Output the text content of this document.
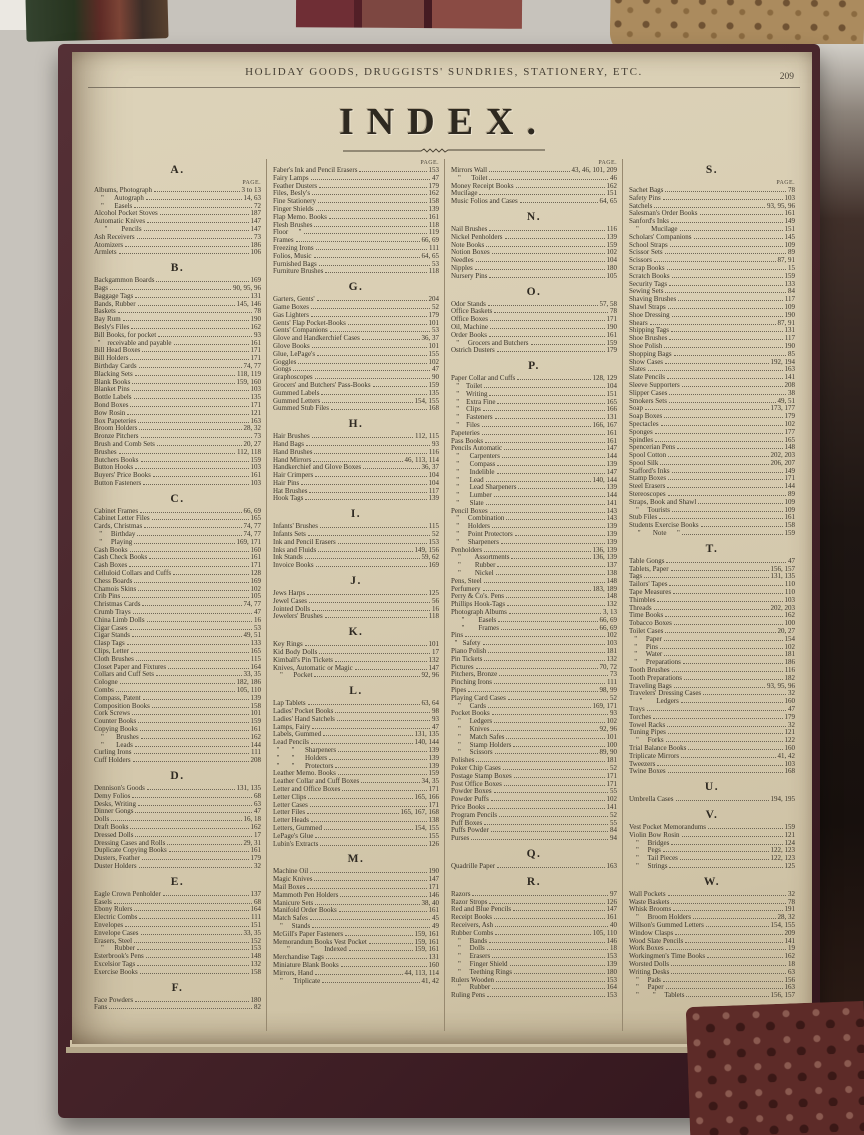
HOLIDAY GOODS, DRUGGISTS' SUNDRIES, STATIONERY, ETC.	209
INDEX.
A.
PAGE.
Albums, Photograph	3 to 13
"      Autograph	14, 63
"      Easels	72
Alcohol Pocket Stoves	187
Automatic Knives	147
"        Pencils	147
Ash Receivers	73
Atomizers	186
Armlets	106
B.
Backgammon Boards	169
Bags	90, 95, 96
Baggage Tags	131
Bands, Rubber	145, 146
Baskets	78
Bay Rum	190
Besly's Files	162
Bill Books, for pocket	93
"    receivable and payable	161
Bill Head Boxes	171
Bill Holders	171
Birthday Cards	74, 77
Blacking Sets	118, 119
Blank Books	159, 160
Blanket Pins	103
Bottle Labels	135
Bond Boxes	171
Bow Rosin	121
Box Papeteries	163
Broom Holders	28, 32
Bronze Pitchers	73
Brush and Comb Sets	20, 27
Brushes	112, 118
Butchers Books	159
Button Hooks	103
Buyers' Price Books	161
Button Fasteners	103
C.
Cabinet Frames	66, 69
Cabinet Letter Files	165
Cards, Christmas	74, 77
"     Birthday	74, 77
"     Playing	169, 171
Cash Books	160
Cash Check Books	161
Cash Boxes	171
Celluloid Collars and Cuffs	128
Chess Boards	169
Chamois Skins	102
Crib Pins	105
Christmas Cards	74, 77
Crumb Trays	47
China Limb Dolls	16
Cigar Cases	53
Cigar Stands	49, 51
Clasp Tags	133
Clips, Letter	165
Cloth Brushes	115
Closet Paper and Fixtures	164
Collars and Cuff Sets	33, 35
Cologne	182, 186
Combs	105, 110
Compass, Patent	139
Composition Books	158
Cork Screws	101
Counter Books	159
Copying Books	161
"       Brushes	162
"       Leads	144
Curling Irons	111
Cuff Holders	208
D.
Dennison's Goods	131, 135
Demy Folios	68
Desks, Writing	63
Dinner Gongs	47
Dolls	16, 18
Draft Books	162
Dressed Dolls	17
Dressing Cases and Rolls	29, 31
Duplicate Copying Books	161
Dusters, Feather	179
Duster Holders	32
E.
Eagle Crown Penholder	137
Easels	68
Ebony Rulers	164
Electric Combs	111
Envelopes	151
Envelope Cases	33, 35
Erasers, Steel	152
"      Rubber	153
Esterbrook's Pens	148
Excelsior Tags	132
Exercise Books	158
F.
Face Powders	180
Fans	82
PAGE.
Faber's Ink and Pencil Erasers	153
Fairy Lamps	47
Feather Dusters	179
Files, Besly's	162
Fine Stationery	158
Finger Shields	139
Flap Memo. Books	161
Flesh Brushes	118
Floor      "	119
Frames	66, 69
Freezing Irons	111
Folios, Music	64, 65
Furnished Bags	53
Furniture Brushes	118
G.
Garters, Gents'	204
Game Boxes	52
Gas Lighters	179
Gents' Flap Pocket-Books	101
Gents' Companions	53
Glove and Handkerchief Cases	36, 37
Glove Books	101
Glue, LePage's	155
Goggles	102
Gongs	47
Graphoscopes	90
Grocers' and Butchers' Pass-Books	159
Gummed Labels	135
Gummed Letters	154, 155
Gummed Stub Files	168
H.
Hair Brushes	112, 115
Hand Bags	93
Hand Brushes	116
Hand Mirrors	46, 113, 114
Handkerchief and Glove Boxes	36, 37
Hair Crimpers	104
Hair Pins	104
Hat Brushes	117
Hook Tags	139
I.
Infants' Brushes	115
Infants Sets	52
Ink and Pencil Erasers	153
Inks and Fluids	149, 156
Ink Stands	59, 62
Invoice Books	169
J.
Jews Harps	125
Jewel Cases	56
Jointed Dolls	16
Jewelers' Brushes	118
K.
Key Rings	101
Kid Body Dolls	17
Kimball's Pin Tickets	132
Knives, Automatic or Magic	147
"      Pocket	92, 96
L.
Lap Tablets	63, 64
Ladies' Pocket Books	98
Ladies' Hand Satchels	93
Lamps, Fairy	47
Labels, Gummed	131, 135
Lead Pencils	140, 144
"       "      Sharpeners	139
"       "      Holders	139
"       "      Protectors	139
Leather Memo. Books	159
Leather Collar and Cuff Boxes	34, 35
Letter and Office Boxes	171
Letter Clips	165, 166
Letter Cases	171
Letter Files	165, 167, 168
Letter Heads	138
Letters, Gummed	154, 155
LePage's Glue	155
Lubin's Extracts	126
M.
Machine Oil	190
Magic Knives	147
Mail Boxes	171
Mammoth Pen Holders	146
Manicure Sets	38, 40
Manifold Order Books	161
Match Safes	45
"     Stands	49
McGill's Paper Fasteners	159, 161
Memorandum Books Vest Pocket	159, 161
"            "      Indexed	159, 161
Merchandise Tags	131
Miniature Blank Books	160
Mirrors, Hand	44, 113, 114
"      Triplicate	41, 42
PAGE.
Mirrors Wall	43, 46, 101, 209
"      Toilet	46
Money Receipt Books	162
Mucilage	151
Music Folios and Cases	64, 65
N.
Nail Brushes	116
Nickel Penholders	139
Note Books	159
Notion Boxes	102
Needles	104
Nipples	180
Nursery Pins	105
O.
Odor Stands	57, 58
Office Baskets	78
Office Boxes	171
Oil, Machine	190
Order Books	161
"     Grocers and Butchers	159
Ostrich Dusters	179
P.
Paper Collar and Cuffs	128, 129
"    Toilet	104
"    Writing	151
"    Extra Fine	165
"    Clips	166
"    Fasteners	131
"    Files	166, 167
Papeteries	161
Pass Books	161
Pencils Automatic	147
"      Carpenters	144
"      Compass	139
"      Indelible	147
"      Lead	140, 144
"      Lead Sharpeners	139
"      Lumber	144
"      Slate	141
Pencil Boxes	143
"     Combination	143
"     Holders	139
"     Point Protectors	139
"     Sharpeners	139
Penholders	136, 139
"        Assortments	136, 139
"        Rubber	137
"        Nickel	138
Pens, Steel	148
Perfumery	183, 189
Perry & Co's. Pens	148
Phillips Hook-Tags	132
Photograph Albums	3, 13
"        Easels	66, 69
"        Frames	66, 69
Pins	102
"   Safety	103
Piano Polish	181
Pin Tickets	132
Pictures	70, 72
Pitchers, Bronze	73
Pinching Irons	111
Pipes	98, 99
Playing Card Cases	52
"     Cards	169, 171
Pocket Books	93
"     Ledgers	102
"     Knives	92, 96
"     Match Safes	101
"     Stamp Holders	100
"     Scissors	89, 90
Polishes	181
Poker Chip Cases	52
Postage Stamp Boxes	171
Post Office Boxes	171
Powder Boxes	55
Powder Puffs	102
Price Books	141
Program Pencils	52
Puff Boxes	55
Puffs Powder	84
Purses	94
Q.
Quadrille Paper	163
R.
Razors	97
Razor Strops	126
Red and Blue Pencils	147
Receipt Books	161
Receivers, Ash	40
Rubber Combs	105, 110
"     Bands	146
"     Dolls	18
"     Erasers	153
"     Finger Shield	139
"     Teething Rings	180
Rulers Wooden	153
"     Rubber	164
Ruling Pens	153
S.
PAGE.
Sachet Bags	78
Safety Pins	103
Satchels	93, 95, 96
Salesman's Order Books	161
Sanford's Inks	149
"       Mucilage	151
Scholars' Companions	145
School Straps	109
Scissor Sets	89
Scissors	87, 91
Scrap Books	15
Scratch Books	159
Security Tags	133
Sewing Sets	84
Shaving Brushes	117
Shawl Straps	109
Shoe Dressing	190
Shears	87, 91
Shipping Tags	131
Shoe Brushes	117
Shoe Polish	190
Shopping Bags	85
Show Cases	192, 194
Slates	163
Slate Pencils	141
Sleeve Supporters	208
Slipper Cases	38
Smokers Sets	49, 51
Soap	173, 177
Soap Boxes	179
Spectacles	102
Sponges	177
Spindles	165
Spencerian Pens	148
Spool Cotton	202, 203
Spool Silk	206, 207
Stafford's Inks	149
Stamp Boxes	171
Steel Erasers	144
Stereoscopes	89
Straps, Book and Shawl	109
"     Tourists	109
Stub Files	161
Students Exercise Books	158
"       Note      "	159
T.
Table Gongs	47
Tablets, Paper	156, 157
Tags	131, 135
Tailors' Tapes	110
Tape Measures	110
Thimbles	103
Threads	202, 203
Time Books	162
Tobacco Boxes	100
Toilet Cases	20, 27
"     Paper	154
"     Pins	102
"     Water	181
"     Preparations	186
Tooth Brushes	116
Tooth Preparations	182
Traveling Bags	93, 95, 96
Travelers' Dressing Cases	32
"        Ledgers	160
Trays	47
Torches	179
Towel Racks	32
Tuning Pipes	121
"     Forks	122
Trial Balance Books	160
Triplicate Mirrors	41, 42
Tweezers	103
Twine Boxes	168
U.
Umbrella Cases	194, 195
V.
Vest Pocket Memorandums	159
Violin Bow Rosin	121
"     Bridges	124
"     Pegs	122, 123
"     Tail Pieces	122, 123
"     Strings	125
W.
Wall Pockets	32
Waste Baskets	78
Whisk Brooms	191
"     Broom Holders	28, 32
Willson's Gummed Letters	154, 155
Window Clasps	209
Wood Slate Pencils	141
Work Boxes	19
Workingmen's Time Books	162
Worsted Dolls	18
Writing Desks	63
"     Pads	156
"     Paper	163
"        "     Tablets	156, 157
